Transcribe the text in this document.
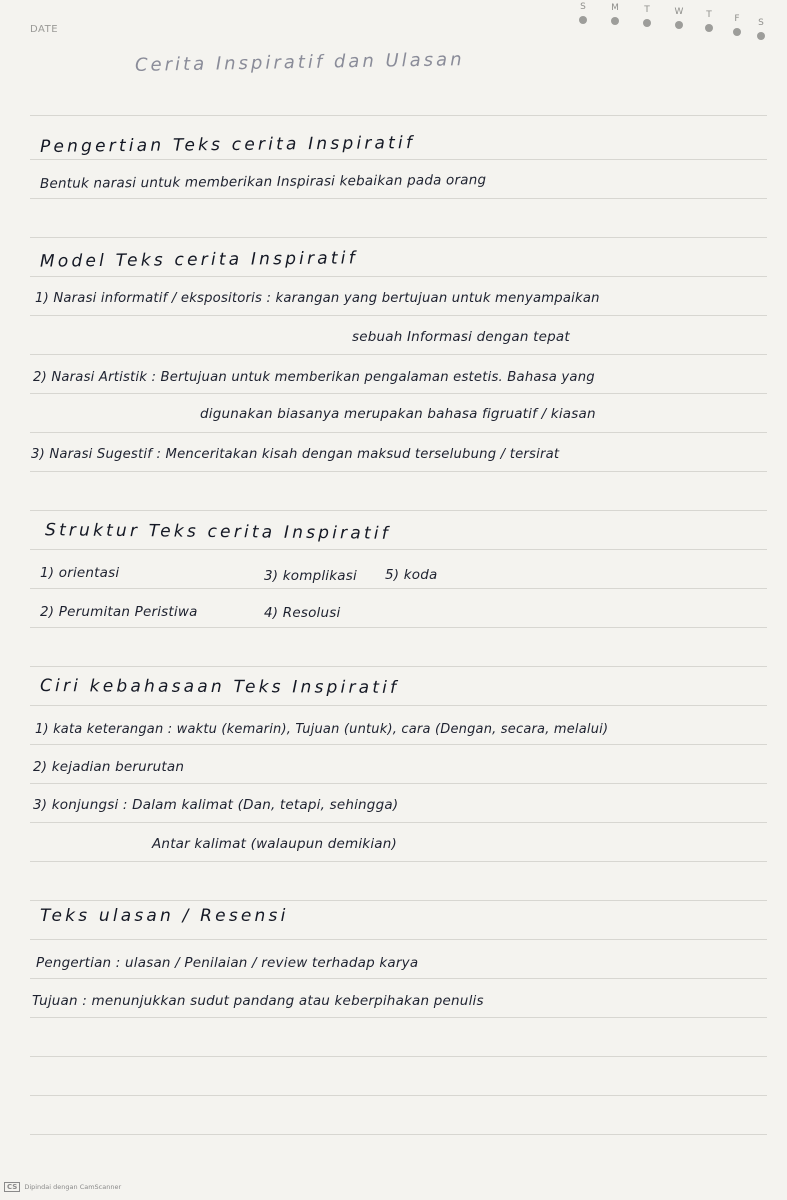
DATE
S	M	T	W	T	F	S
Cerita Inspiratif dan Ulasan
Pengertian Teks cerita Inspiratif
Bentuk narasi untuk memberikan Inspirasi kebaikan pada orang
Model Teks cerita Inspiratif
1) Narasi informatif / ekspositoris : karangan yang bertujuan untuk menyampaikan
sebuah Informasi dengan tepat
2) Narasi Artistik : Bertujuan untuk memberikan pengalaman estetis. Bahasa yang
digunakan biasanya merupakan bahasa figruatif / kiasan
3) Narasi Sugestif : Menceritakan kisah dengan maksud terselubung / tersirat
Struktur Teks cerita Inspiratif
1) orientasi	3) komplikasi 5) koda
2) Perumitan Peristiwa	4) Resolusi
Ciri kebahasaan Teks Inspiratif
1) kata keterangan : waktu (kemarin), Tujuan (untuk), cara (Dengan, secara, melalui)
2) kejadian berurutan
3) konjungsi : Dalam kalimat (Dan, tetapi, sehingga)
Antar kalimat (walaupun demikian)
Teks ulasan / Resensi
Pengertian : ulasan / Penilaian / review terhadap karya
Tujuan : menunjukkan sudut pandang atau keberpihakan penulis
CS Dipindai dengan CamScanner
